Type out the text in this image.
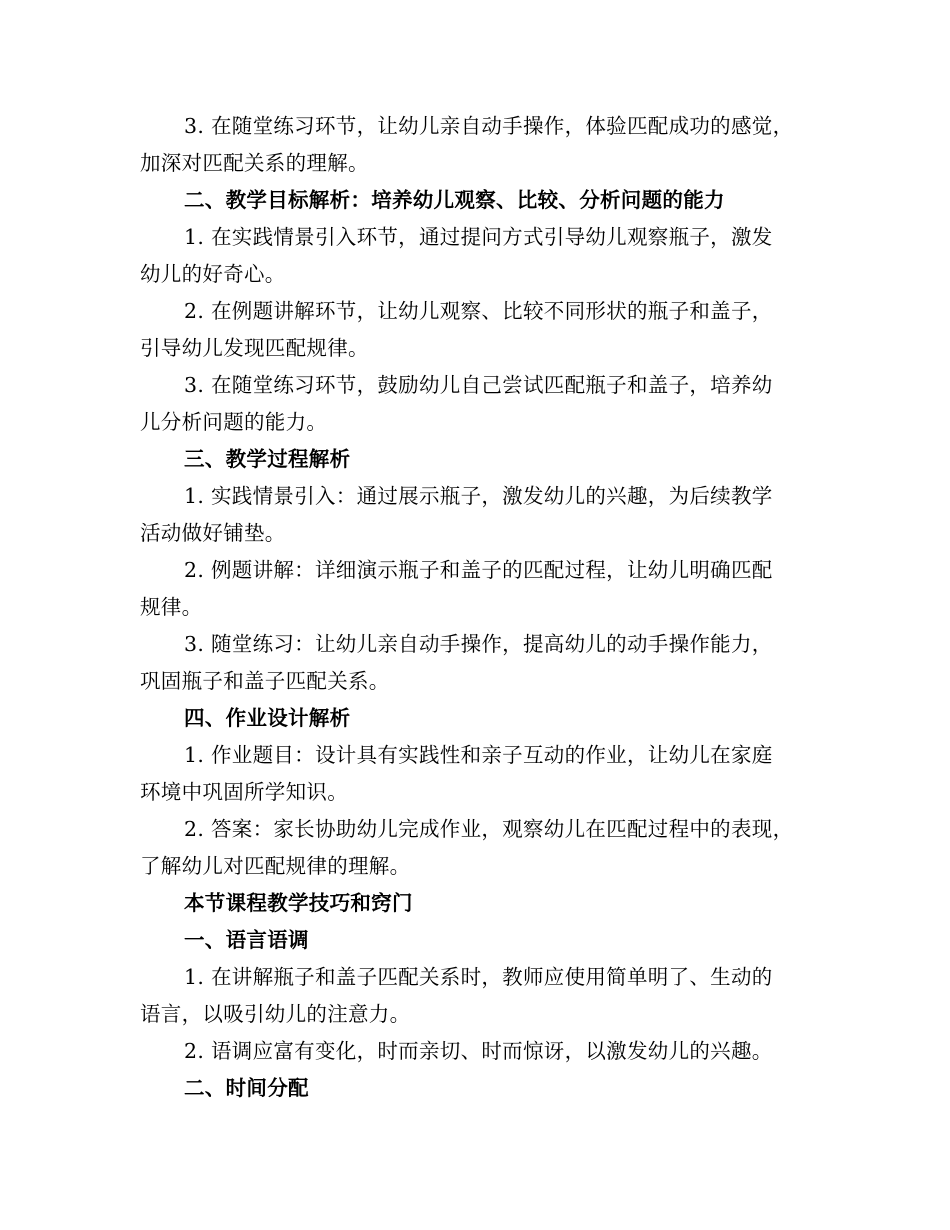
3. 在随堂练习环节，让幼儿亲自动手操作，体验匹配成功的感觉，
加深对匹配关系的理解。
二、教学目标解析：培养幼儿观察、比较、分析问题的能力
1. 在实践情景引入环节，通过提问方式引导幼儿观察瓶子，激发
幼儿的好奇心。
2. 在例题讲解环节，让幼儿观察、比较不同形状的瓶子和盖子，
引导幼儿发现匹配规律。
3. 在随堂练习环节，鼓励幼儿自己尝试匹配瓶子和盖子，培养幼
儿分析问题的能力。
三、教学过程解析
1. 实践情景引入：通过展示瓶子，激发幼儿的兴趣，为后续教学
活动做好铺垫。
2. 例题讲解：详细演示瓶子和盖子的匹配过程，让幼儿明确匹配
规律。
3. 随堂练习：让幼儿亲自动手操作，提高幼儿的动手操作能力，
巩固瓶子和盖子匹配关系。
四、作业设计解析
1. 作业题目：设计具有实践性和亲子互动的作业，让幼儿在家庭
环境中巩固所学知识。
2. 答案：家长协助幼儿完成作业，观察幼儿在匹配过程中的表现，
了解幼儿对匹配规律的理解。
本节课程教学技巧和窍门
一、语言语调
1. 在讲解瓶子和盖子匹配关系时，教师应使用简单明了、生动的
语言，以吸引幼儿的注意力。
2. 语调应富有变化，时而亲切、时而惊讶，以激发幼儿的兴趣。
二、时间分配
